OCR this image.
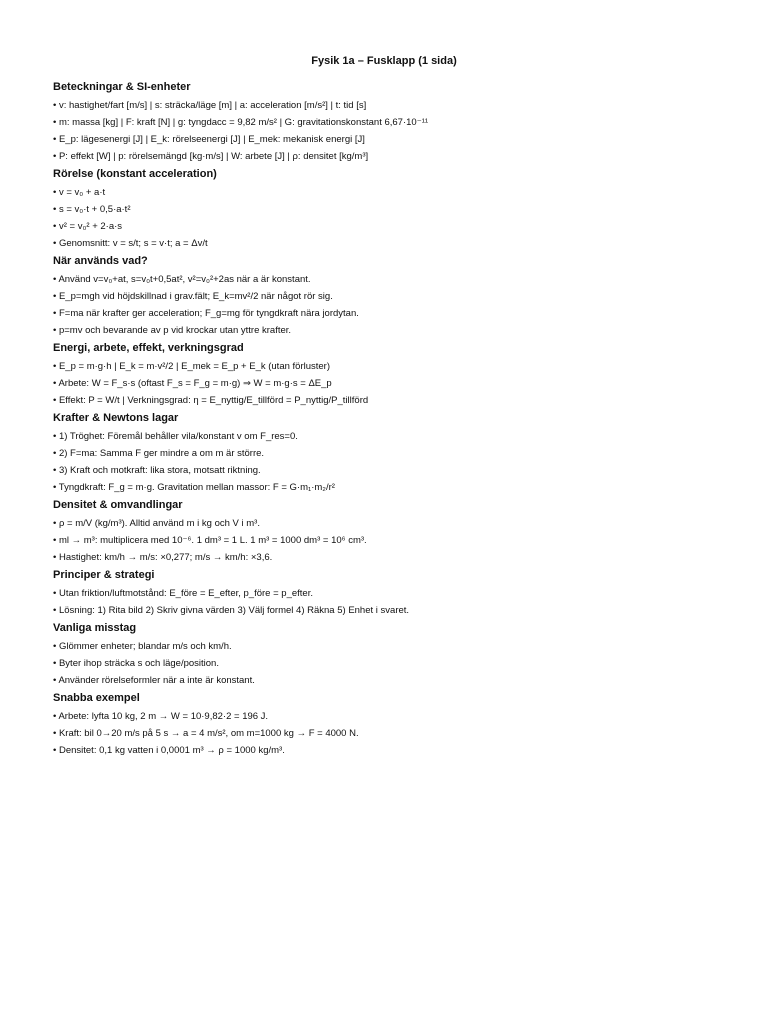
Fysik 1a – Fusklapp (1 sida)
Beteckningar & SI-enheter
• v: hastighet/fart [m/s] | s: sträcka/läge [m] | a: acceleration [m/s²] | t: tid [s]
• m: massa [kg] | F: kraft [N] | g: tyngdacc = 9,82 m/s² | G: gravitationskonstant 6,67·10⁻¹¹
• E_p: lägesenergi [J] | E_k: rörelseenergi [J] | E_mek: mekanisk energi [J]
• P: effekt [W] | p: rörelsemängd [kg·m/s] | W: arbete [J] | ρ: densitet [kg/m³]
Rörelse (konstant acceleration)
• v = v₀ + a·t
• s = v₀·t + 0,5·a·t²
• v² = v₀² + 2·a·s
• Genomsnitt: v = s/t; s = v·t; a = Δv/t
När används vad?
• Använd v=v₀+at, s=v₀t+0,5at², v²=v₀²+2as när a är konstant.
• E_p=mgh vid höjdskillnad i grav.fält; E_k=mv²/2 när något rör sig.
• F=ma när krafter ger acceleration; F_g=mg för tyngdkraft nära jordytan.
• p=mv och bevarande av p vid krockar utan yttre krafter.
Energi, arbete, effekt, verkningsgrad
• E_p = m·g·h | E_k = m·v²/2 | E_mek = E_p + E_k (utan förluster)
• Arbete: W = F_s·s (oftast F_s = F_g = m·g) ⇒ W = m·g·s = ΔE_p
• Effekt: P = W/t | Verkningsgrad: η = E_nyttig/E_tillförd = P_nyttig/P_tillförd
Krafter & Newtons lagar
• 1) Tröghet: Föremål behåller vila/konstant v om F_res=0.
• 2) F=ma: Samma F ger mindre a om m är större.
• 3) Kraft och motkraft: lika stora, motsatt riktning.
• Tyngdkraft: F_g = m·g. Gravitation mellan massor: F = G·m₁·m₂/r²
Densitet & omvandlingar
• ρ = m/V (kg/m³). Alltid använd m i kg och V i m³.
• ml → m³: multiplicera med 10⁻⁶. 1 dm³ = 1 L. 1 m³ = 1000 dm³ = 10⁶ cm³.
• Hastighet: km/h → m/s: ×0,277; m/s → km/h: ×3,6.
Principer & strategi
• Utan friktion/luftmotstånd: E_före = E_efter, p_före = p_efter.
• Lösning: 1) Rita bild 2) Skriv givna värden 3) Välj formel 4) Räkna 5) Enhet i svaret.
Vanliga misstag
• Glömmer enheter; blandar m/s och km/h.
• Byter ihop sträcka s och läge/position.
• Använder rörelseformler när a inte är konstant.
Snabba exempel
• Arbete: lyfta 10 kg, 2 m → W = 10·9,82·2 = 196 J.
• Kraft: bil 0→20 m/s på 5 s → a = 4 m/s², om m=1000 kg → F = 4000 N.
• Densitet: 0,1 kg vatten i 0,0001 m³ → ρ = 1000 kg/m³.
